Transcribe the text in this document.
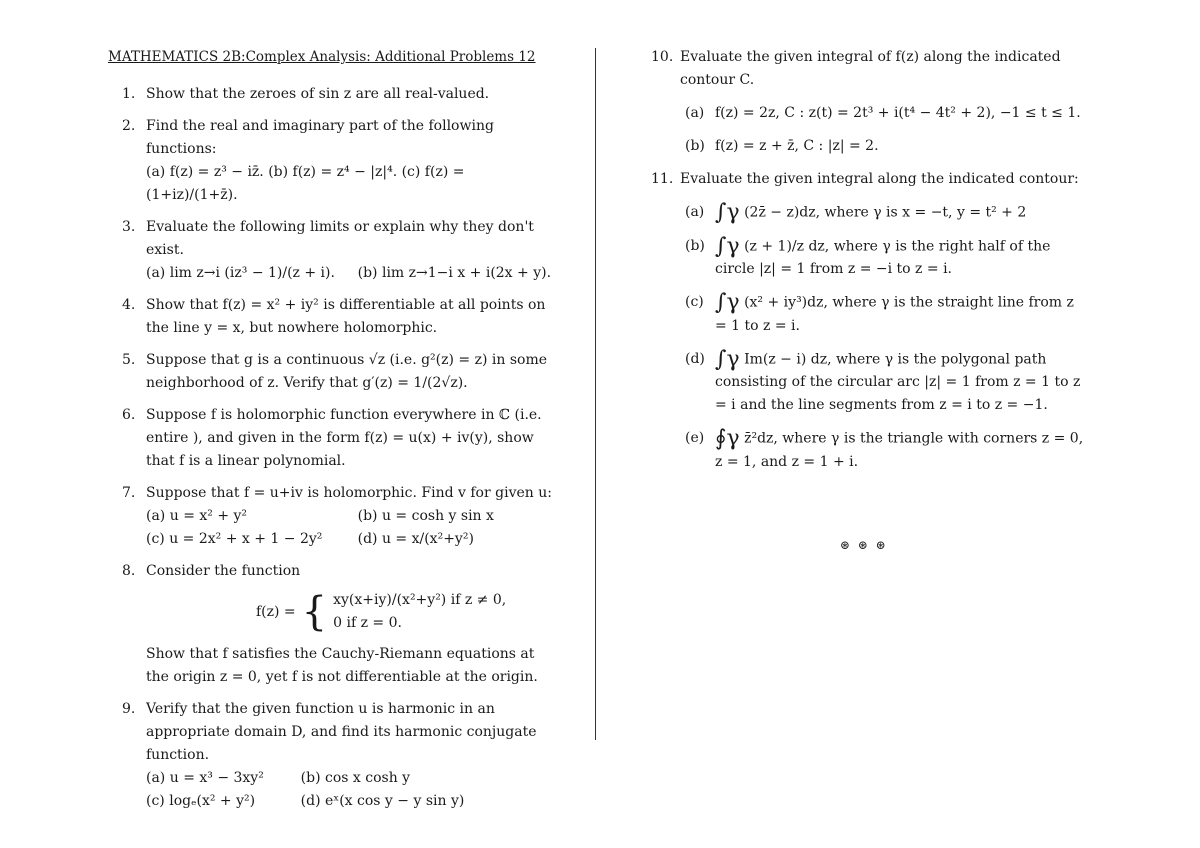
MATHEMATICS 2B:Complex Analysis: Additional Problems 12
1. Show that the zeroes of sin z are all real-valued.
2. Find the real and imaginary part of the following functions:
(a) f(z) = z³ − iz̄. (b) f(z) = z⁴ − |z|⁴. (c) f(z) = (1+iz)/(1+z̄).
3. Evaluate the following limits or explain why they don't exist.
(a) lim z→i (iz³ − 1)/(z + i).	(b) lim z→1−i x + i(2x + y).
4. Show that f(z) = x² + iy² is differentiable at all points on the line y = x, but nowhere holomorphic.
5. Suppose that g is a continuous √z (i.e. g²(z) = z) in some neighborhood of z. Verify that g′(z) = 1/(2√z).
6. Suppose f is holomorphic function everywhere in ℂ (i.e. entire ), and given in the form f(z) = u(x) + iv(y), show that f is a linear polynomial.
7. Suppose that f = u+iv is holomorphic. Find v for given u:
(a) u = x² + y²	(b) u = cosh y sin x
(c) u = 2x² + x + 1 − 2y²	(d) u = x/(x²+y²)
8. Consider the function
f(z) = { xy(x+iy)/(x²+y²) if z ≠ 0,
0 if z = 0.
Show that f satisfies the Cauchy-Riemann equations at the origin z = 0, yet f is not differentiable at the origin.
9. Verify that the given function u is harmonic in an appropriate domain D, and find its harmonic conjugate function.
(a) u = x³ − 3xy²	(b) cos x cosh y
(c) logₑ(x² + y²)	(d) eˣ(x cos y − y sin y)
10. Evaluate the given integral of f(z) along the indicated contour C.
(a) f(z) = 2z, C : z(t) = 2t³ + i(t⁴ − 4t² + 2), −1 ≤ t ≤ 1.
(b) f(z) = z + z̄, C : |z| = 2.
11. Evaluate the given integral along the indicated contour:
(a) ∫γ (2z̄ − z)dz, where γ is x = −t, y = t² + 2
(b) ∫γ (z + 1)/z dz, where γ is the right half of the circle |z| = 1 from z = −i to z = i.
(c) ∫γ (x² + iy³)dz, where γ is the straight line from z = 1 to z = i.
(d) ∫γ Im(z − i) dz, where γ is the polygonal path consisting of the circular arc |z| = 1 from z = 1 to z = i and the line segments from z = i to z = −1.
(e) ∮γ z̄²dz, where γ is the triangle with corners z = 0, z = 1, and z = 1 + i.
⊛ ⊛ ⊛
